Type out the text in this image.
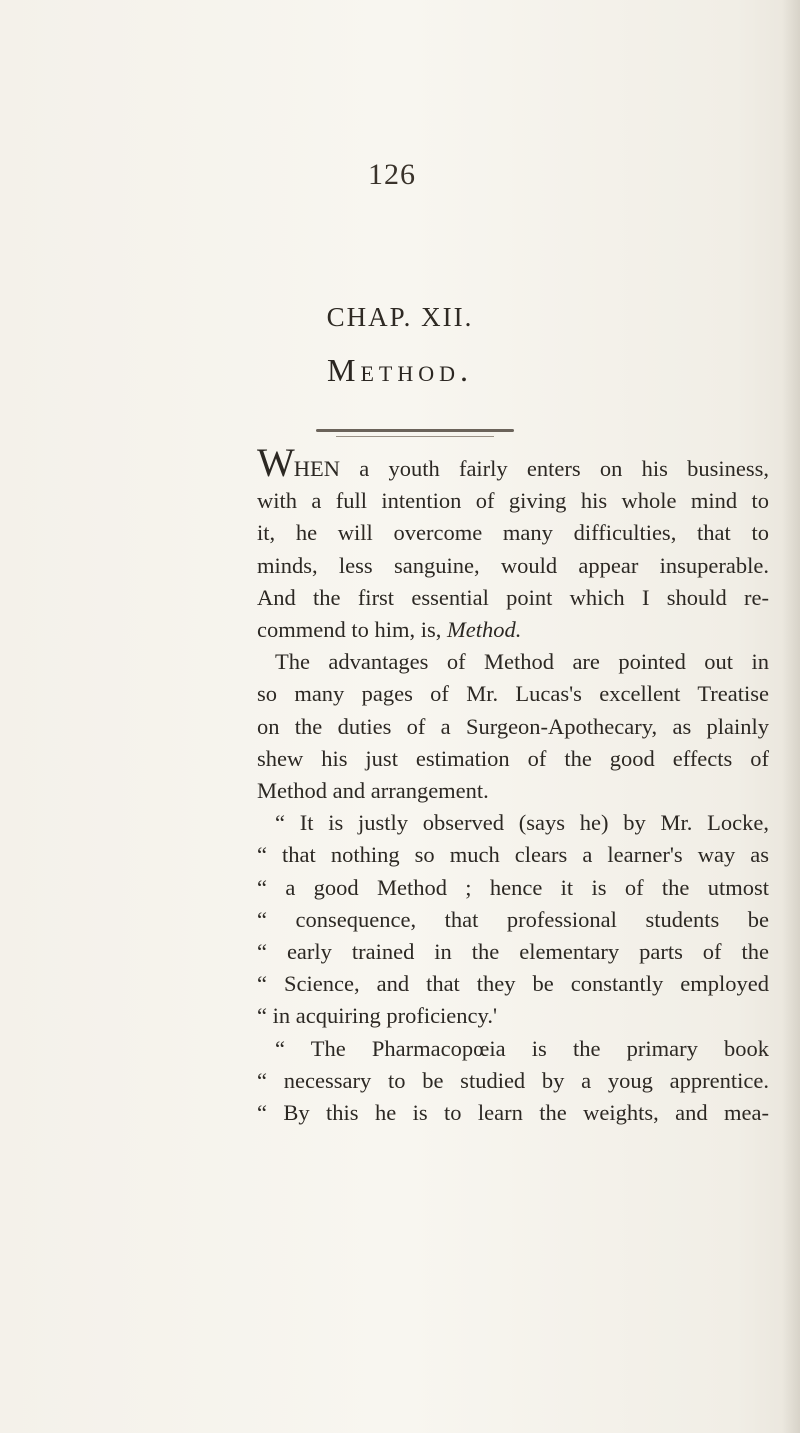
126
CHAP. XII.
Method.
WHEN a youth fairly enters on his business,
with a full intention of giving his whole mind to
it, he will overcome many difficulties, that to
minds, less sanguine, would appear insuperable.
And the first essential point which I should re-
commend to him, is, Method.
The advantages of Method are pointed out in
so many pages of Mr. Lucas's excellent Treatise
on the duties of a Surgeon-Apothecary, as plainly
shew his just estimation of the good effects of
Method and arrangement.
“ It is justly observed (says he) by Mr. Locke,
“ that nothing so much clears a learner's way as
“ a good Method ; hence it is of the utmost
“ consequence, that professional students be
“ early trained in the elementary parts of the
“ Science, and that they be constantly employed
“ in acquiring proficiency.'
“ The Pharmacopœia is the primary book
“ necessary to be studied by a youg apprentice.
“ By this he is to learn the weights, and mea-
